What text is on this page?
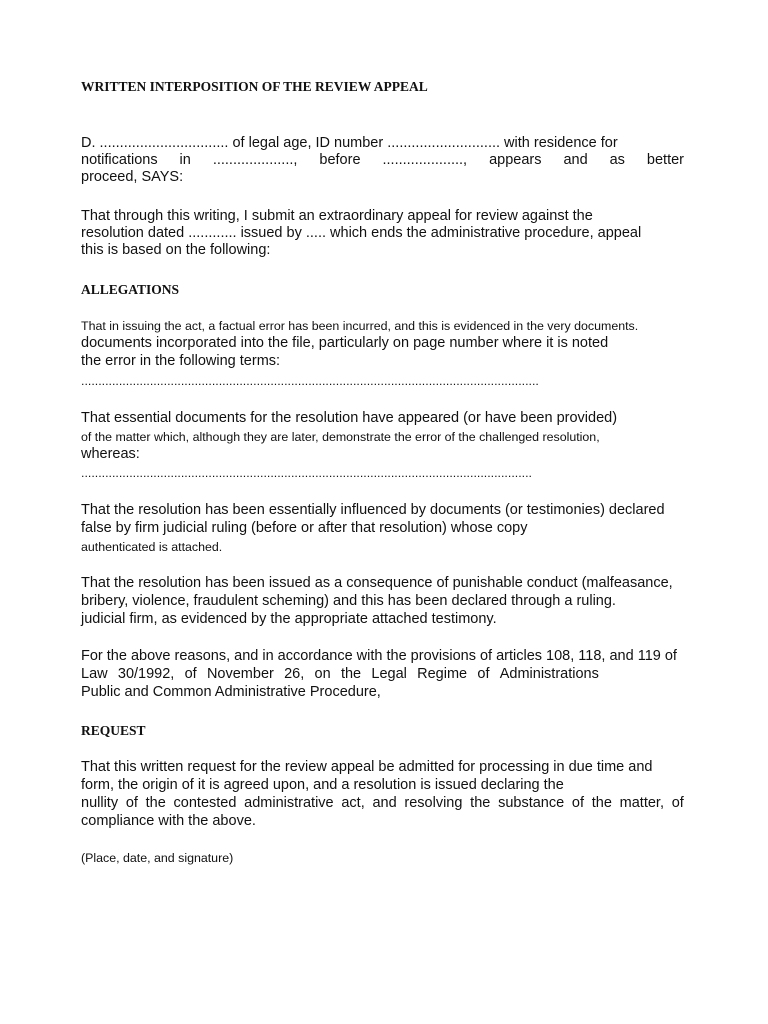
WRITTEN INTERPOSITION OF THE REVIEW APPEAL
D. ................................ of legal age, ID number ............................ with residence for
notifications in ...................., before ...................., appears and as better
proceed, SAYS:
That through this writing, I submit an extraordinary appeal for review against the
resolution dated ............ issued by ..... which ends the administrative procedure, appeal
this is based on the following:
ALLEGATIONS
That in issuing the act, a factual error has been incurred, and this is evidenced in the very documents.
documents incorporated into the file, particularly on page number where it is noted
the error in the following terms:
.....................................................................................................................................
That essential documents for the resolution have appeared (or have been provided)
of the matter which, although they are later, demonstrate the error of the challenged resolution,
whereas:
...................................................................................................................................
That the resolution has been essentially influenced by documents (or testimonies) declared
false by firm judicial ruling (before or after that resolution) whose copy
authenticated is attached.
That the resolution has been issued as a consequence of punishable conduct (malfeasance,
bribery, violence, fraudulent scheming) and this has been declared through a ruling.
judicial firm, as evidenced by the appropriate attached testimony.
For the above reasons, and in accordance with the provisions of articles 108, 118, and 119 of
Law 30/1992, of November 26, on the Legal Regime of Administrations
Public and Common Administrative Procedure,
REQUEST
That this written request for the review appeal be admitted for processing in due time and
form, the origin of it is agreed upon, and a resolution is issued declaring the
nullity of the contested administrative act, and resolving the substance of the matter, of
compliance with the above.
(Place, date, and signature)
